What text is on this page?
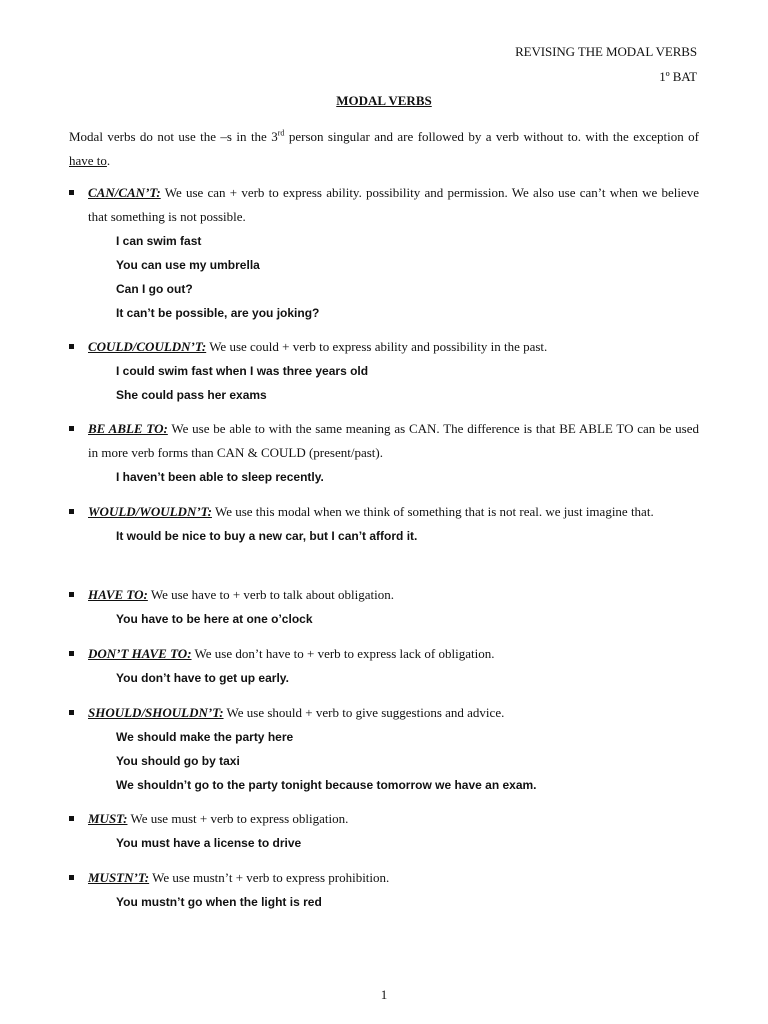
REVISING THE MODAL VERBS
1º BAT
MODAL VERBS
Modal verbs do not use the –s in the 3rd person singular and are followed by a verb without to. with the exception of have to.
CAN/CAN’T: We use can + verb to express ability. possibility and permission. We also use can’t when we believe that something is not possible.
I can swim fast
You can use my umbrella
Can I go out?
It can’t be possible, are you joking?
COULD/COULDN’T: We use could + verb to express ability and possibility in the past.
I could swim fast when I was three years old
She could pass her exams
BE ABLE TO: We use be able to with the same meaning as CAN. The difference is that BE ABLE TO can be used in more verb forms than CAN & COULD (present/past).
I haven’t been able to sleep recently.
WOULD/WOULDN’T: We use this modal when we think of something that is not real. we just imagine that.
It would be nice to buy a new car, but I can’t afford it.
HAVE TO: We use have to + verb to talk about obligation.
You have to be here at one o’clock
DON’T HAVE TO: We use don’t have to + verb to express lack of obligation.
You don’t have to get up early.
SHOULD/SHOULDN’T: We use should + verb to give suggestions and advice.
We should make the party here
You should go by taxi
We shouldn’t go to the party tonight because tomorrow we have an exam.
MUST: We use must + verb to express obligation.
You must have a license to drive
MUSTN’T: We use mustn’t + verb to express prohibition.
You mustn’t go when the light is red
1
